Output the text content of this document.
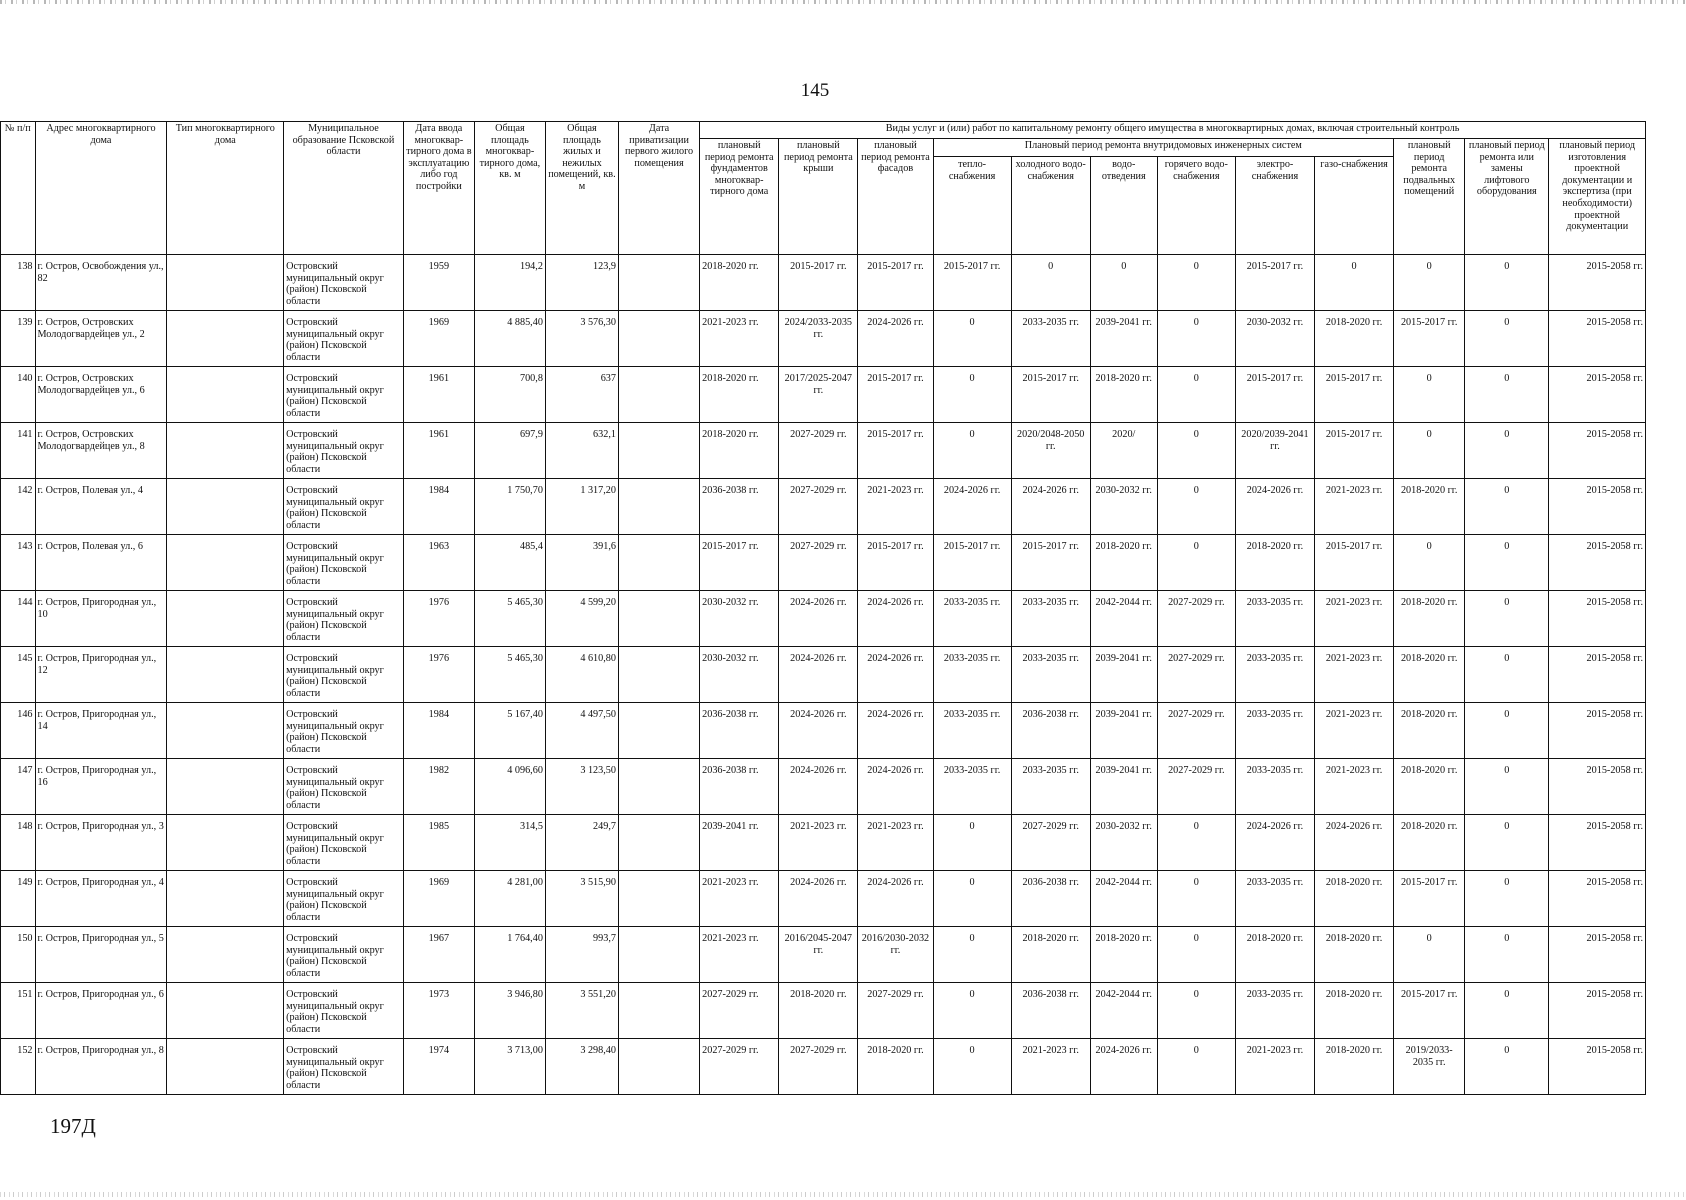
145
№ п/п	Адрес многоквартирного дома	Тип многоквартирного дома	Муниципальное образование Псковской области	Дата ввода многоквар-тирного дома в эксплуатацию либо год постройки	Общая площадь многоквар-тирного дома, кв. м	Общая площадь жилых и нежилых помещений, кв. м	Дата приватизации первого жилого помещения	Виды услуг и (или) работ по капитальному ремонту общего имущества в многоквартирных домах, включая строительный контроль											
								плановый период ремонта фундаментов многоквар-тирного дома	плановый период ремонта крыши	плановый период ремонта фасадов	Плановый период ремонта внутридомовых инженерных систем						плановый период ремонта подвальных помещений	плановый период ремонта или замены лифтового оборудования	плановый период изготовления проектной документации и экспертиза (при необходимости) проектной документации
											тепло-снабжения	холодного водо-снабжения	водо-отведения	горячего водо-снабжения	электро-снабжения	газо-снабжения			
138	г. Остров, Освобождения ул., 82		Островский муниципальный округ (район) Псковской области	1959	194,2	123,9		2018-2020 гг.	2015-2017 гг.	2015-2017 гг.	2015-2017 гг.	0	0	0	2015-2017 гг.	0	0	0	2015-2058 гг.
139	г. Остров, Островских Молодогвардейцев ул., 2		Островский муниципальный округ (район) Псковской области	1969	4 885,40	3 576,30		2021-2023 гг.	2024/2033-2035 гг.	2024-2026 гг.	0	2033-2035 гг.	2039-2041 гг.	0	2030-2032 гг.	2018-2020 гг.	2015-2017 гг.	0	2015-2058 гг.
140	г. Остров, Островских Молодогвардейцев ул., 6		Островский муниципальный округ (район) Псковской области	1961	700,8	637		2018-2020 гг.	2017/2025-2047 гг.	2015-2017 гг.	0	2015-2017 гг.	2018-2020 гг.	0	2015-2017 гг.	2015-2017 гг.	0	0	2015-2058 гг.
141	г. Остров, Островских Молодогвардейцев ул., 8		Островский муниципальный округ (район) Псковской области	1961	697,9	632,1		2018-2020 гг.	2027-2029 гг.	2015-2017 гг.	0	2020/2048-2050 гг.	2020/	0	2020/2039-2041 гг.	2015-2017 гг.	0	0	2015-2058 гг.
142	г. Остров, Полевая ул., 4		Островский муниципальный округ (район) Псковской области	1984	1 750,70	1 317,20		2036-2038 гг.	2027-2029 гг.	2021-2023 гг.	2024-2026 гг.	2024-2026 гг.	2030-2032 гг.	0	2024-2026 гг.	2021-2023 гг.	2018-2020 гг.	0	2015-2058 гг.
143	г. Остров, Полевая ул., 6		Островский муниципальный округ (район) Псковской области	1963	485,4	391,6		2015-2017 гг.	2027-2029 гг.	2015-2017 гг.	2015-2017 гг.	2015-2017 гг.	2018-2020 гг.	0	2018-2020 гг.	2015-2017 гг.	0	0	2015-2058 гг.
144	г. Остров, Пригородная ул., 10		Островский муниципальный округ (район) Псковской области	1976	5 465,30	4 599,20		2030-2032 гг.	2024-2026 гг.	2024-2026 гг.	2033-2035 гг.	2033-2035 гг.	2042-2044 гг.	2027-2029 гг.	2033-2035 гг.	2021-2023 гг.	2018-2020 гг.	0	2015-2058 гг.
145	г. Остров, Пригородная ул., 12		Островский муниципальный округ (район) Псковской области	1976	5 465,30	4 610,80		2030-2032 гг.	2024-2026 гг.	2024-2026 гг.	2033-2035 гг.	2033-2035 гг.	2039-2041 гг.	2027-2029 гг.	2033-2035 гг.	2021-2023 гг.	2018-2020 гг.	0	2015-2058 гг.
146	г. Остров, Пригородная ул., 14		Островский муниципальный округ (район) Псковской области	1984	5 167,40	4 497,50		2036-2038 гг.	2024-2026 гг.	2024-2026 гг.	2033-2035 гг.	2036-2038 гг.	2039-2041 гг.	2027-2029 гг.	2033-2035 гг.	2021-2023 гг.	2018-2020 гг.	0	2015-2058 гг.
147	г. Остров, Пригородная ул., 16		Островский муниципальный округ (район) Псковской области	1982	4 096,60	3 123,50		2036-2038 гг.	2024-2026 гг.	2024-2026 гг.	2033-2035 гг.	2033-2035 гг.	2039-2041 гг.	2027-2029 гг.	2033-2035 гг.	2021-2023 гг.	2018-2020 гг.	0	2015-2058 гг.
148	г. Остров, Пригородная ул., 3		Островский муниципальный округ (район) Псковской области	1985	314,5	249,7		2039-2041 гг.	2021-2023 гг.	2021-2023 гг.	0	2027-2029 гг.	2030-2032 гг.	0	2024-2026 гг.	2024-2026 гг.	2018-2020 гг.	0	2015-2058 гг.
149	г. Остров, Пригородная ул., 4		Островский муниципальный округ (район) Псковской области	1969	4 281,00	3 515,90		2021-2023 гг.	2024-2026 гг.	2024-2026 гг.	0	2036-2038 гг.	2042-2044 гг.	0	2033-2035 гг.	2018-2020 гг.	2015-2017 гг.	0	2015-2058 гг.
150	г. Остров, Пригородная ул., 5		Островский муниципальный округ (район) Псковской области	1967	1 764,40	993,7		2021-2023 гг.	2016/2045-2047 гг.	2016/2030-2032 гг.	0	2018-2020 гг.	2018-2020 гг.	0	2018-2020 гг.	2018-2020 гг.	0	0	2015-2058 гг.
151	г. Остров, Пригородная ул., 6		Островский муниципальный округ (район) Псковской области	1973	3 946,80	3 551,20		2027-2029 гг.	2018-2020 гг.	2027-2029 гг.	0	2036-2038 гг.	2042-2044 гг.	0	2033-2035 гг.	2018-2020 гг.	2015-2017 гг.	0	2015-2058 гг.
152	г. Остров, Пригородная ул., 8		Островский муниципальный округ (район) Псковской области	1974	3 713,00	3 298,40		2027-2029 гг.	2027-2029 гг.	2018-2020 гг.	0	2021-2023 гг.	2024-2026 гг.	0	2021-2023 гг.	2018-2020 гг.	2019/2033-2035 гг.	0	2015-2058 гг.
197Д
